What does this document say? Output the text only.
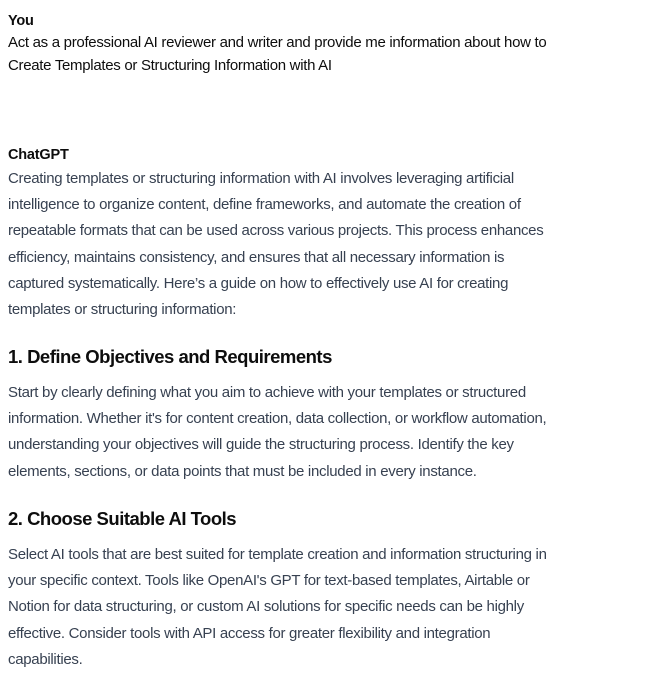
You
Act as a professional AI reviewer and writer and provide me information about how to
Create Templates or Structuring Information with AI
ChatGPT
Creating templates or structuring information with AI involves leveraging artificial
intelligence to organize content, define frameworks, and automate the creation of
repeatable formats that can be used across various projects. This process enhances
efficiency, maintains consistency, and ensures that all necessary information is
captured systematically. Here’s a guide on how to effectively use AI for creating
templates or structuring information:
1. Define Objectives and Requirements
Start by clearly defining what you aim to achieve with your templates or structured
information. Whether it's for content creation, data collection, or workflow automation,
understanding your objectives will guide the structuring process. Identify the key
elements, sections, or data points that must be included in every instance.
2. Choose Suitable AI Tools
Select AI tools that are best suited for template creation and information structuring in
your specific context. Tools like OpenAI's GPT for text-based templates, Airtable or
Notion for data structuring, or custom AI solutions for specific needs can be highly
effective. Consider tools with API access for greater flexibility and integration
capabilities.
